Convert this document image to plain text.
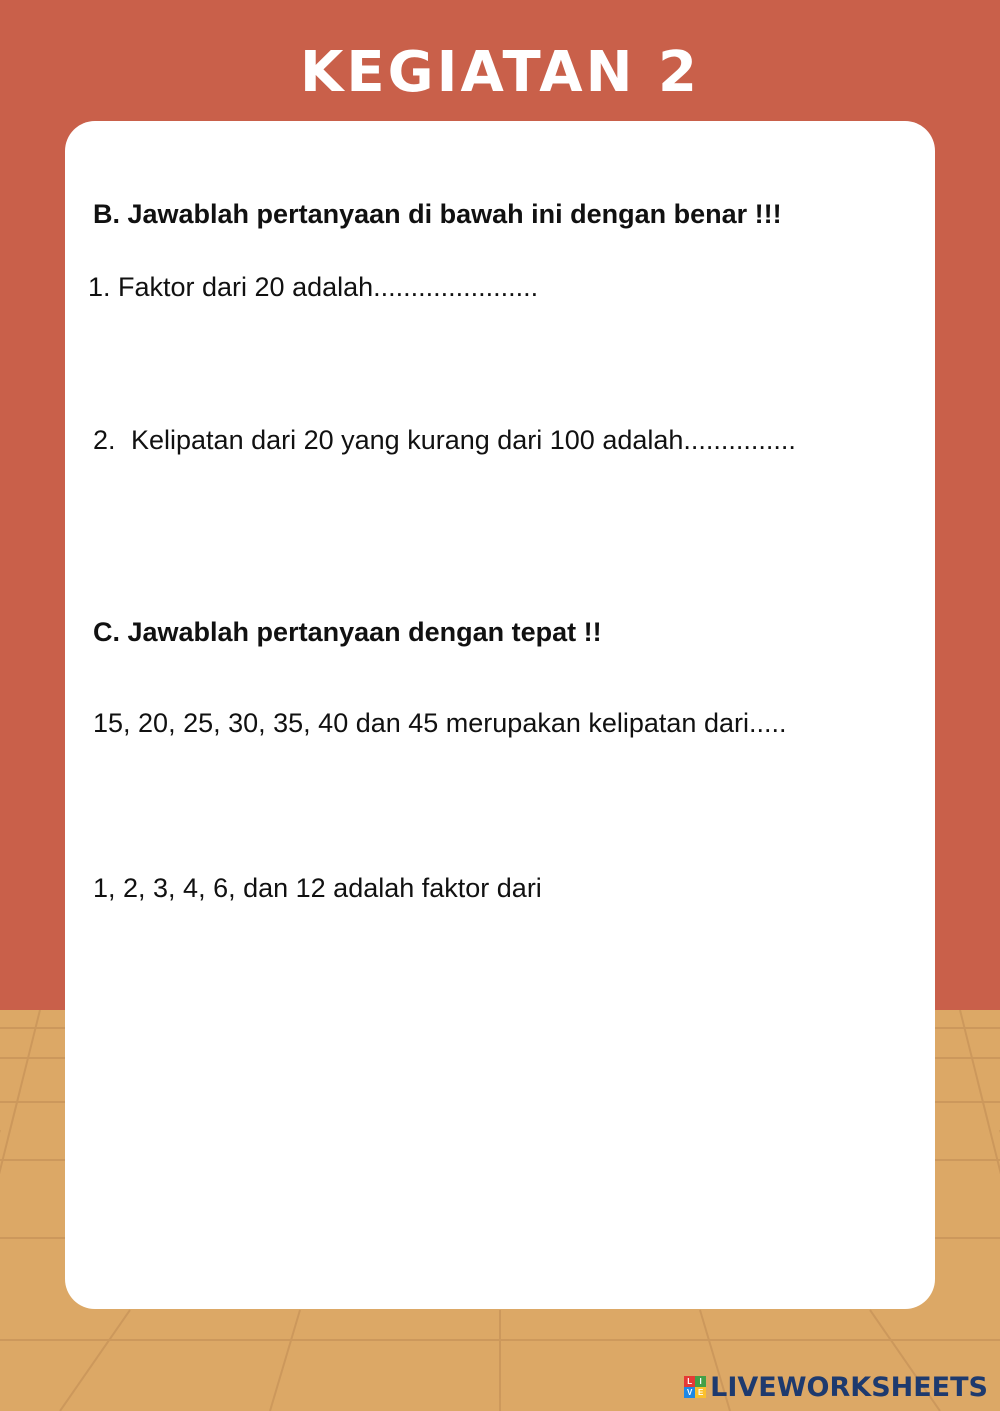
KEGIATAN 2
B. Jawablah pertanyaan di bawah ini dengan benar !!!
1. Faktor dari 20 adalah......................
2. Kelipatan dari 20 yang kurang dari 100 adalah...............
C. Jawablah pertanyaan dengan tepat !!
15, 20, 25, 30, 35, 40 dan 45 merupakan kelipatan dari.....
1, 2, 3, 4, 6, dan 12 adalah faktor dari
L I
V E LIVEWORKSHEETS
